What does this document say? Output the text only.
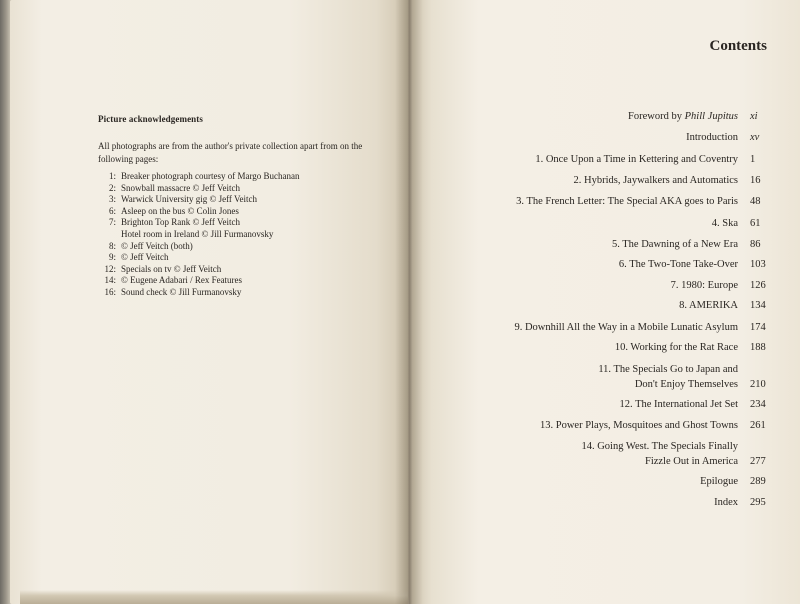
Picture acknowledgements
All photographs are from the author's private collection apart from on the following pages:
1: Breaker photograph courtesy of Margo Buchanan
2: Snowball massacre © Jeff Veitch
3: Warwick University gig © Jeff Veitch
6: Asleep on the bus © Colin Jones
7: Brighton Top Rank © Jeff Veitch
Hotel room in Ireland © Jill Furmanovsky
8: © Jeff Veitch (both)
9: © Jeff Veitch
12: Specials on tv © Jeff Veitch
14: © Eugene Adabari / Rex Features
16: Sound check © Jill Furmanovsky
Contents
Foreword by Phill Jupitus	xi
Introduction	xv
1. Once Upon a Time in Kettering and Coventry	1
2. Hybrids, Jaywalkers and Automatics	16
3. The French Letter: The Special AKA goes to Paris	48
4. Ska	61
5. The Dawning of a New Era	86
6. The Two-Tone Take-Over	103
7. 1980: Europe	126
8. AMERIKA	134
9. Downhill All the Way in a Mobile Lunatic Asylum	174
10. Working for the Rat Race	188
11. The Specials Go to Japan and
Don't Enjoy Themselves	210
12. The International Jet Set	234
13. Power Plays, Mosquitoes and Ghost Towns	261
14. Going West. The Specials Finally
Fizzle Out in America	277
Epilogue	289
Index	295
